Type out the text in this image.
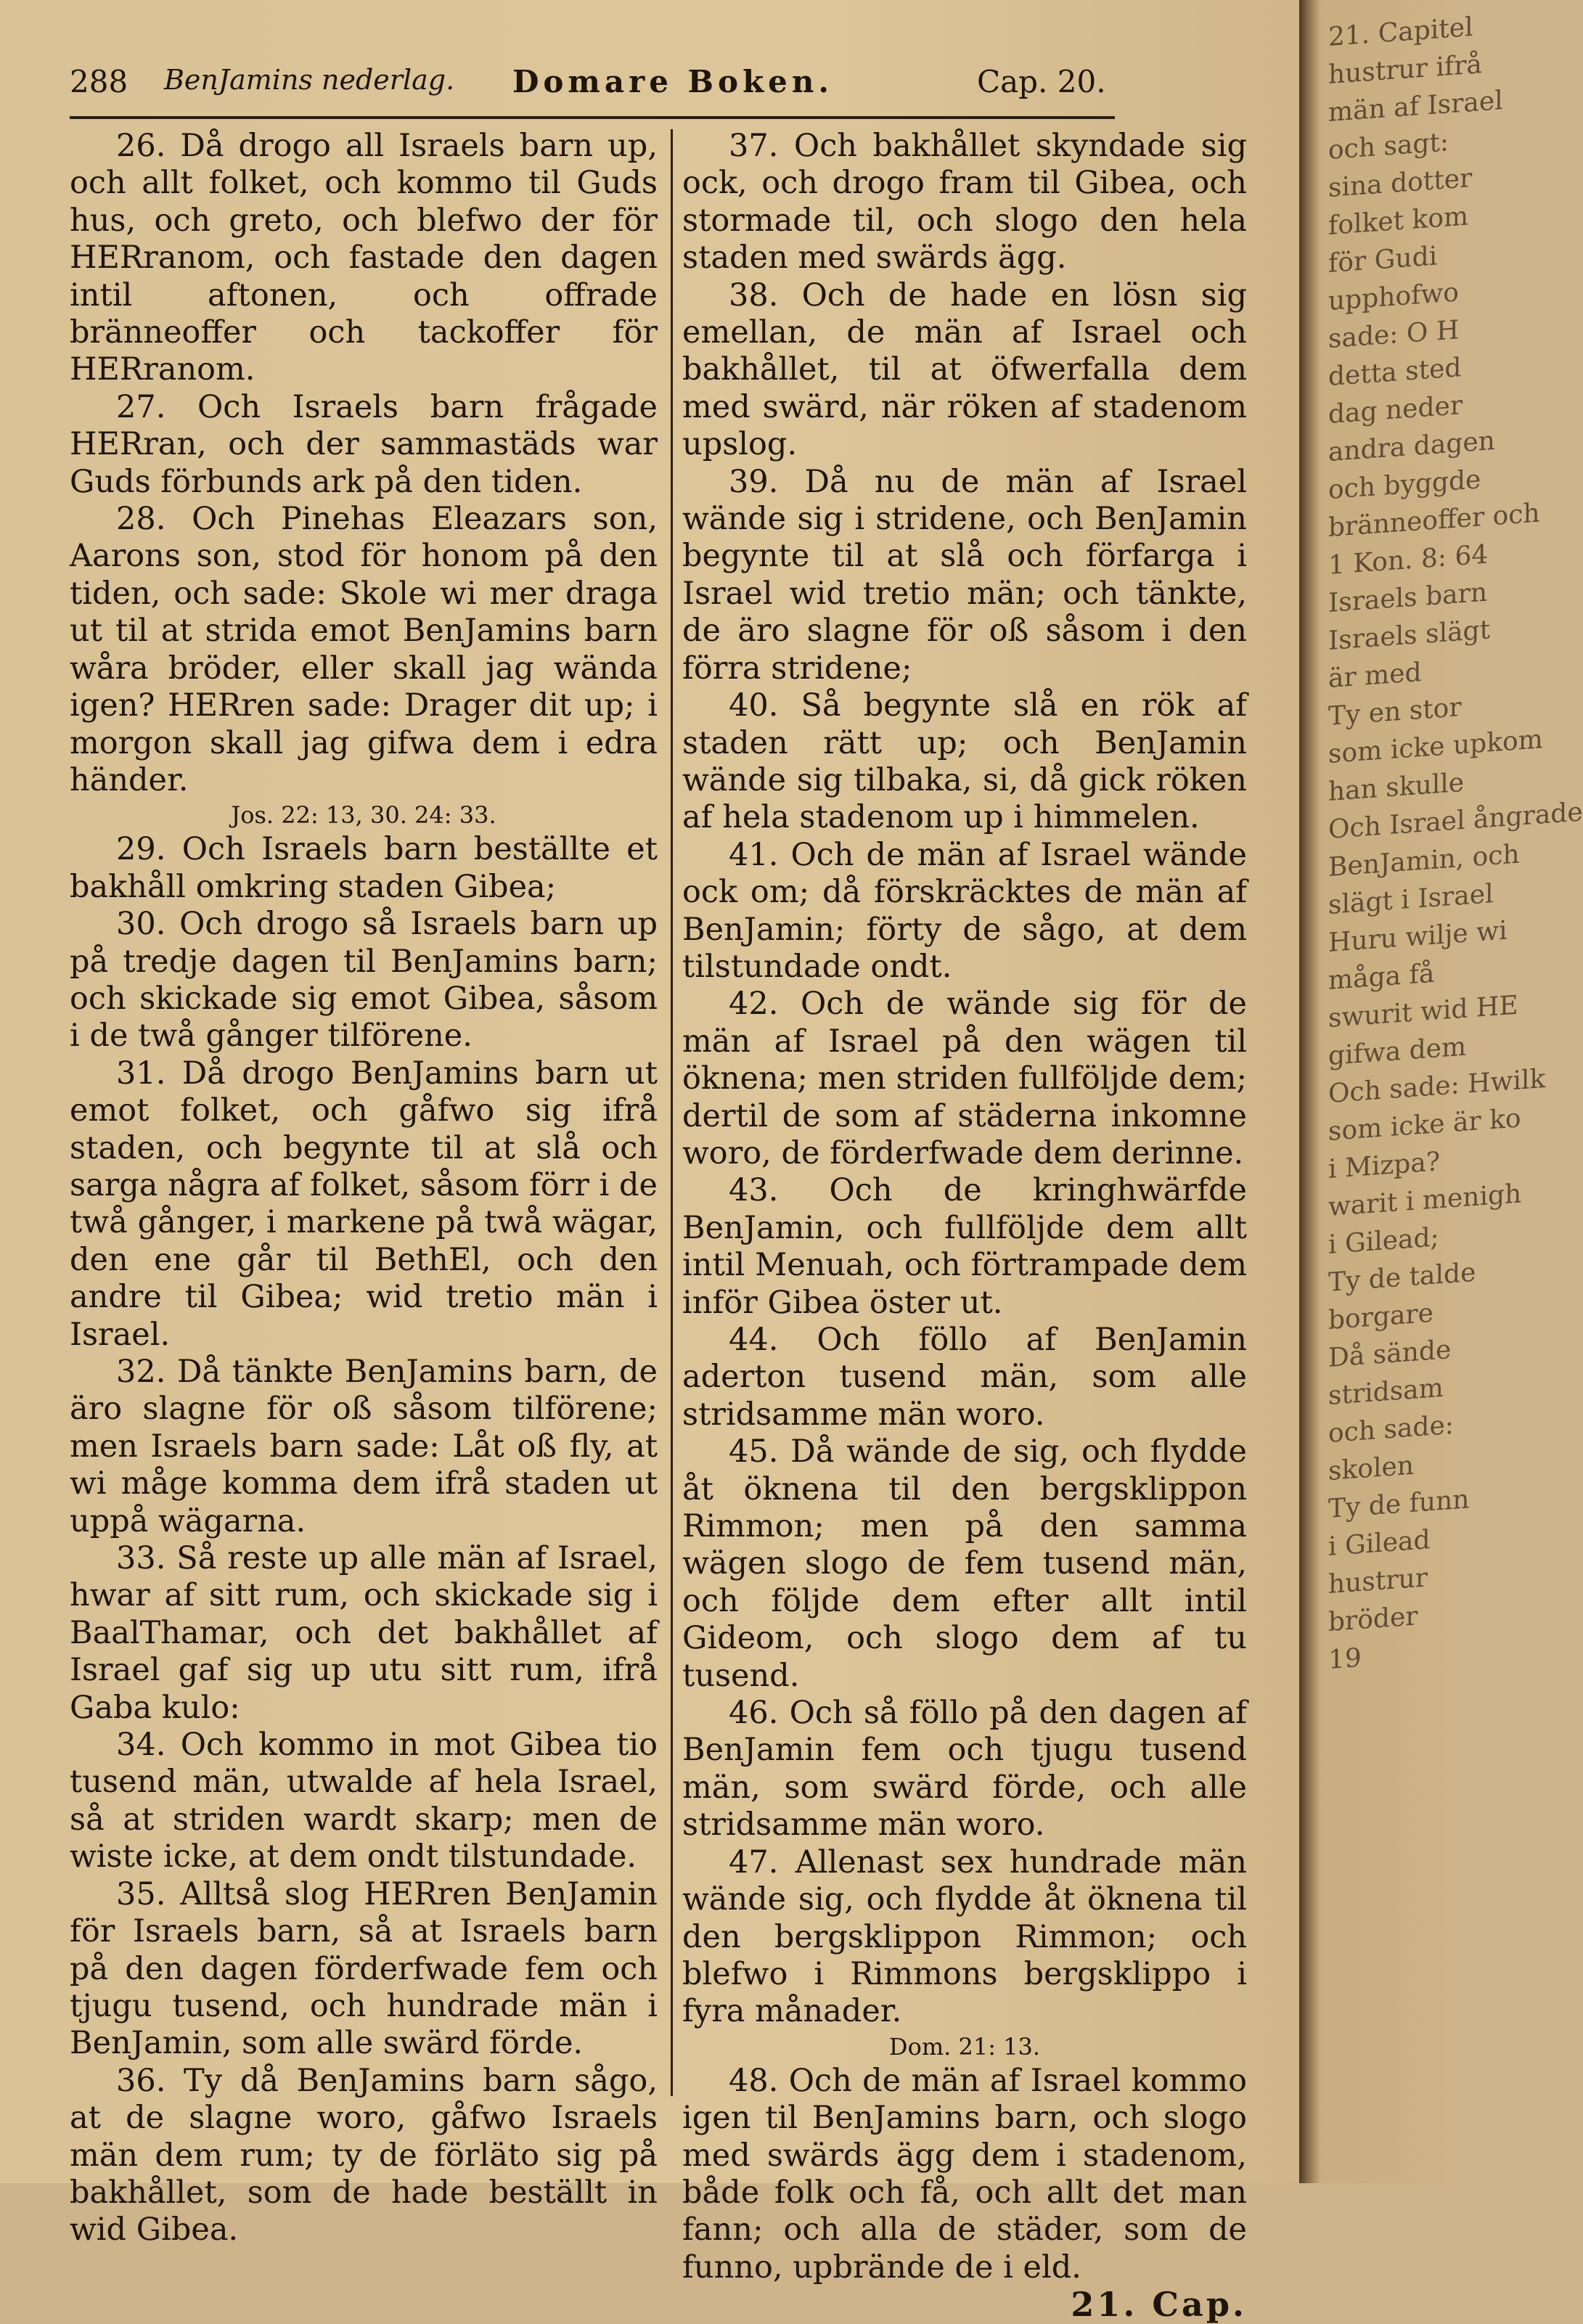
288 BenJamins nederlag. Domare Boken.	Cap. 20.

26. Då drogo all Israels barn up, och allt folket, och kommo til Guds hus, och greto, och blefwo der för HERranom, och fastade den dagen intil aftonen, och offrade bränneoffer och tackoffer för HERranom.

27. Och Israels barn frågade HERran, och der sammastäds war Guds förbunds ark på den tiden.

28. Och Pinehas Eleazars son, Aarons son, stod för honom på den tiden, och sade: Skole wi mer draga ut til at strida emot BenJamins barn wåra bröder, eller skall jag wända igen? HERren sade: Drager dit up; i morgon skall jag gifwa dem i edra händer.

Jos. 22: 13, 30. 24: 33.

29. Och Israels barn beställte et bakhåll omkring staden Gibea;

30. Och drogo så Israels barn up på tredje dagen til BenJamins barn; och skickade sig emot Gibea, såsom i de twå gånger tilförene.

31. Då drogo BenJamins barn ut emot folket, och gåfwo sig ifrå staden, och begynte til at slå och sarga några af folket, såsom förr i de twå gånger, i markene på twå wägar, den ene går til BethEl, och den andre til Gibea; wid tretio män i Israel.

32. Då tänkte BenJamins barn, de äro slagne för oß såsom tilförene; men Israels barn sade: Låt oß fly, at wi måge komma dem ifrå staden ut uppå wägarna.

33. Så reste up alle män af Israel, hwar af sitt rum, och skickade sig i BaalThamar, och det bakhållet af Israel gaf sig up utu sitt rum, ifrå Gaba kulo:

34. Och kommo in mot Gibea tio tusend män, utwalde af hela Israel, så at striden wardt skarp; men de wiste icke, at dem ondt tilstundade.

35. Alltså slog HERren BenJamin för Israels barn, så at Israels barn på den dagen förderfwade fem och tjugu tusend, och hundrade män i BenJamin, som alle swärd förde.

36. Ty då BenJamins barn sågo, at de slagne woro, gåfwo Israels män dem rum; ty de förläto sig på bakhållet, som de hade beställt in wid Gibea.

37. Och bakhållet skyndade sig ock, och drogo fram til Gibea, och stormade til, och slogo den hela staden med swärds ägg.

38. Och de hade en lösn sig emellan, de män af Israel och bakhållet, til at öfwerfalla dem med swärd, när röken af stadenom upslog.

39. Då nu de män af Israel wände sig i stridene, och BenJamin begynte til at slå och förfarga i Israel wid tretio män; och tänkte, de äro slagne för oß såsom i den förra stridene;

40. Så begynte slå en rök af staden rätt up; och BenJamin wände sig tilbaka, si, då gick röken af hela stadenom up i himmelen.

41. Och de män af Israel wände ock om; då förskräcktes de män af BenJamin; förty de sågo, at dem tilstundade ondt.

42. Och de wände sig för de män af Israel på den wägen til öknena; men striden fullföljde dem; dertil de som af städerna inkomne woro, de förderfwade dem derinne.

43. Och de kringhwärfde BenJamin, och fullföljde dem allt intil Menuah, och förtrampade dem inför Gibea öster ut.

44. Och föllo af BenJamin aderton tusend män, som alle stridsamme män woro.

45. Då wände de sig, och flydde åt öknena til den bergsklippon Rimmon; men på den samma wägen slogo de fem tusend män, och följde dem efter allt intil Gideom, och slogo dem af tu tusend.

46. Och så föllo på den dagen af BenJamin fem och tjugu tusend män, som swärd förde, och alle stridsamme män woro.

47. Allenast sex hundrade män wände sig, och flydde åt öknena til den bergsklippon Rimmon; och blefwo i Rimmons bergsklippo i fyra månader.

Dom. 21: 13.

48. Och de män af Israel kommo igen til BenJamins barn, och slogo med swärds ägg dem i stadenom, både folk och få, och allt det man fann; och alla de städer, som de funno, upbrände de i eld.

21. Cap.

21. Capitel
hustrur ifrå
män af Israel
och sagt:
sina dotter
folket kom
för Gudi
upphofwo
sade: O H
detta sted
dag neder
andra dagen
och byggde
bränneoffer och
1 Kon. 8: 64
Israels barn
Israels slägt
är med
Ty en stor
som icke upkom
han skulle
Och Israel ångrade
BenJamin, och
slägt i Israel
Huru wilje wi
måga få
swurit wid HE
gifwa dem
Och sade: Hwilk
som icke är ko
i Mizpa?
warit i menigh
i Gilead;
Ty de talde
borgare
Då sände
stridsam
och sade:
skolen
Ty de funn
i Gilead
hustrur
bröder
19
